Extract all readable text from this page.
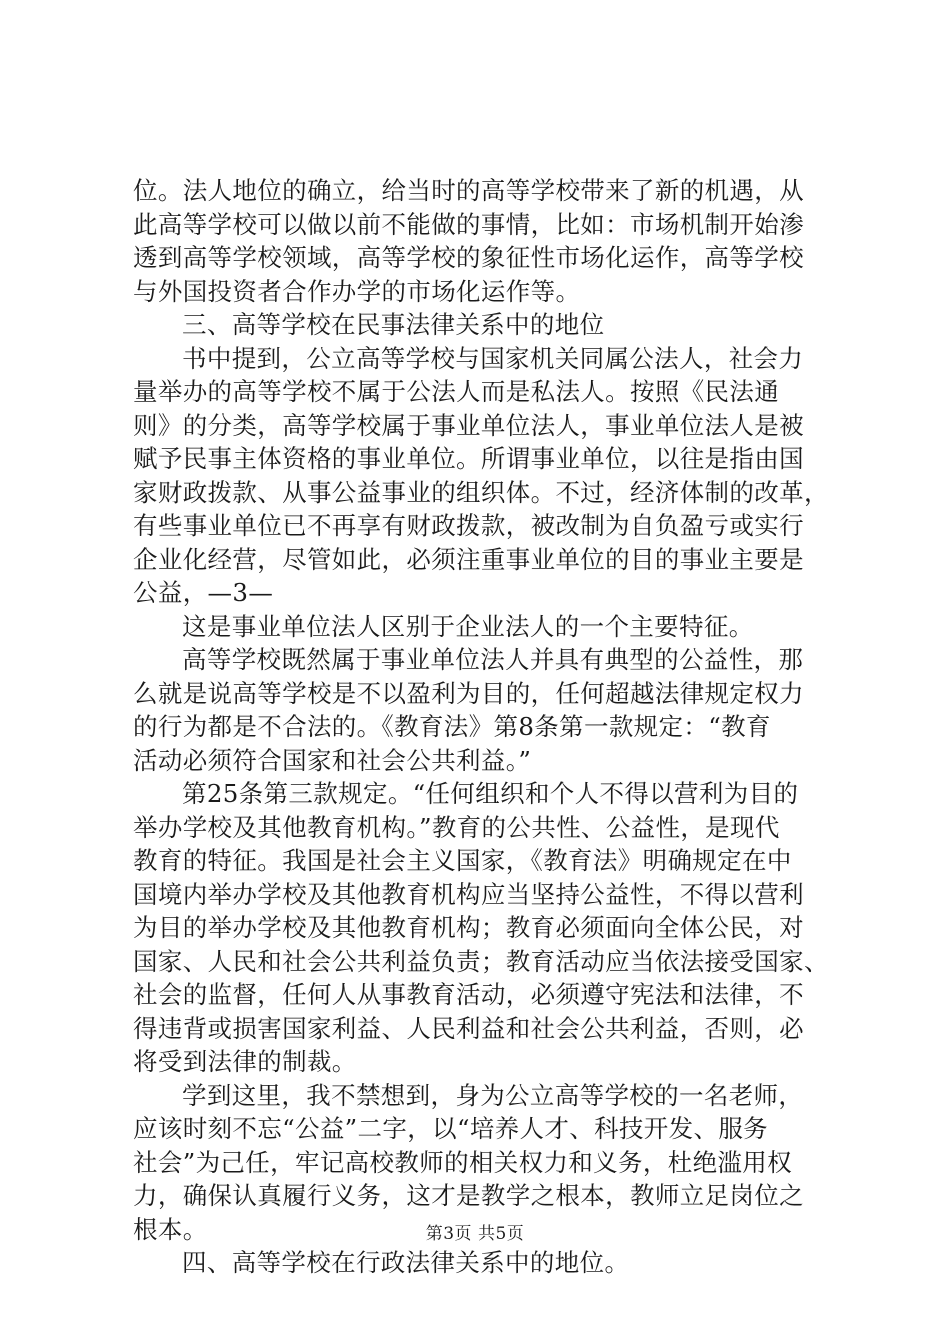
位。法人地位的确立，给当时的高等学校带来了新的机遇，从
此高等学校可以做以前不能做的事情，比如：市场机制开始渗
透到高等学校领域，高等学校的象征性市场化运作，高等学校
与外国投资者合作办学的市场化运作等。
三、高等学校在民事法律关系中的地位
书中提到，公立高等学校与国家机关同属公法人，社会力
量举办的高等学校不属于公法人而是私法人。按照《民法通
则》的分类，高等学校属于事业单位法人，事业单位法人是被
赋予民事主体资格的事业单位。所谓事业单位，以往是指由国
家财政拨款、从事公益事业的组织体。不过，经济体制的改革，
有些事业单位已不再享有财政拨款，被改制为自负盈亏或实行
企业化经营，尽管如此，必须注重事业单位的目的事业主要是
公益，—3—
这是事业单位法人区别于企业法人的一个主要特征。
高等学校既然属于事业单位法人并具有典型的公益性，那
么就是说高等学校是不以盈利为目的，任何超越法律规定权力
的行为都是不合法的。《教育法》第8条第一款规定：“教育
活动必须符合国家和社会公共利益。”
第25条第三款规定。“任何组织和个人不得以营利为目的
举办学校及其他教育机构。”教育的公共性、公益性，是现代
教育的特征。我国是社会主义国家，《教育法》明确规定在中
国境内举办学校及其他教育机构应当坚持公益性，不得以营利
为目的举办学校及其他教育机构；教育必须面向全体公民，对
国家、人民和社会公共利益负责；教育活动应当依法接受国家、
社会的监督，任何人从事教育活动，必须遵守宪法和法律，不
得违背或损害国家利益、人民利益和社会公共利益，否则，必
将受到法律的制裁。
学到这里，我不禁想到，身为公立高等学校的一名老师，
应该时刻不忘“公益”二字，以“培养人才、科技开发、服务
社会”为己任，牢记高校教师的相关权力和义务，杜绝滥用权
力，确保认真履行义务，这才是教学之根本，教师立足岗位之
根本。
四、高等学校在行政法律关系中的地位。
第3页 共5页
